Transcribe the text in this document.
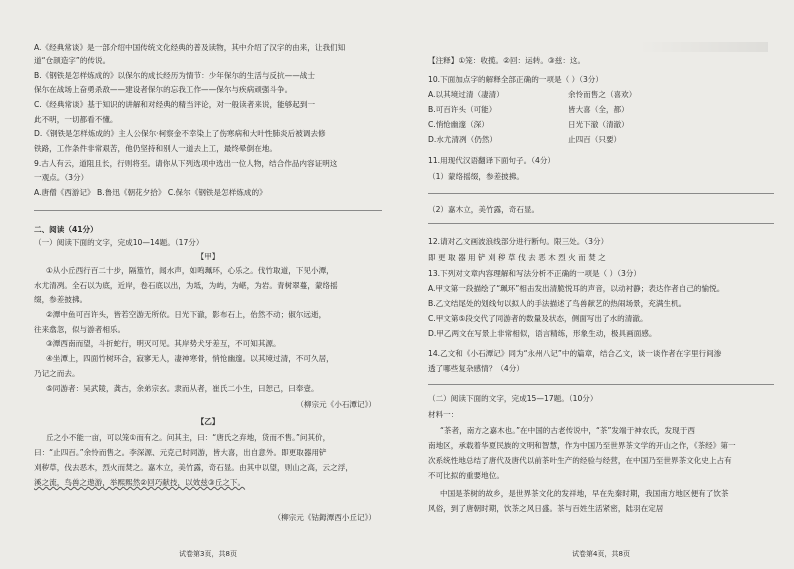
A.《经典常谈》是一部介绍中国传统文化经典的普及读物，其中介绍了汉字的由来，让我们知
道“仓颉造字”的传说。
B.《钢铁是怎样炼成的》以保尔的成长经历为情节：少年保尔的生活与反抗——战士
保尔在战场上奋勇杀敌——建设者保尔的忘我工作——保尔与疾病顽强斗争。
C.《经典常谈》基于知识的讲解和对经典的精当评论，对一般读者来说，能够起到一
此不明，一切都看不懂。
D.《钢铁是怎样炼成的》主人公保尔·柯察金不幸染上了伤寒病和大叶性肺炎后被调去修
铁路，工作条件非常艰苦，他仍坚持和别人一道去上工，最终晕倒在地。
9.古人有云，道阻且长，行则将至。请你从下列选项中选出一位人物，结合作品内容证明这
一观点。（3分）
A.唐僧《西游记》 B.鲁迅《朝花夕拾》 C.保尔《钢铁是怎样炼成的》
二、阅读（41分）
（一）阅读下面的文字，完成10—14题。（17分）
【甲】
①从小丘西行百二十步，隔篁竹，闻水声，如鸣珮环，心乐之。伐竹取道，下见小潭，
水尤清冽。全石以为底，近岸，卷石底以出，为坻，为屿，为嵁，为岩。青树翠蔓，蒙络摇
缀，参差披拂。
②潭中鱼可百许头，皆若空游无所依。日光下澈，影布石上，佁然不动；俶尔远逝，
往来翕忽，似与游者相乐。
③潭西南而望，斗折蛇行，明灭可见。其岸势犬牙差互，不可知其源。
④坐潭上，四面竹树环合，寂寥无人，凄神寒骨，悄怆幽邃。以其境过清，不可久居，
乃记之而去。
⑤同游者：吴武陵，龚古，余弟宗玄。隶而从者，崔氏二小生，曰恕己，曰奉壹。
（柳宗元《小石潭记》）
【乙】
丘之小不能一亩，可以笼①而有之。问其主，曰：“唐氏之弃地，货而不售。”问其价，
曰：“止四百。”余怜而售之。李深源、元克己时同游，皆大喜，出自意外。即更取器用铲
刈秽草，伐去恶木，烈火而焚之。嘉木立，美竹露，奇石显。由其中以望，则山之高，云之浮，
溪之流，鸟兽之遨游，举熙熙然②回巧献技，以效兹③丘之下。
（柳宗元《钴鉧潭西小丘记》）
试卷第3页，共8页
【注释】①笼：收揽。②回：运转。③兹：这。
10.下面加点字的解释全部正确的一项是（ ）（3分）
A.以其境过清（凄清）	余怜而售之（喜欢）
B.可百许头（可能）	皆大喜（全，都）
C.悄怆幽邃（深）	日光下澈（清澈）
D.水尤清冽（仍然）	止四百（只要）
11.用现代汉语翻译下面句子。（4分）
（1）蒙络摇缀，参差披拂。
（2）嘉木立，美竹露，奇石显。
12.请对乙文画波浪线部分进行断句。限三处。（3分）
即 更 取 器 用 铲 刈 秽 草 伐 去 恶 木 烈 火 而 焚 之
13.下列对文章内容理解和写法分析不正确的一项是（ ）（3分）
A.甲文第一段描绘了“珮环”相击发出清脆悦耳的声音，以动衬静；表达作者自己的愉悦。
B.乙文结尾处的划线句以拟人的手法描述了鸟兽献艺的热闹场景，充满生机。
C.甲文第⑤段交代了同游者的数量及状态，侧面写出了水的清澈。
D.甲乙两文在写景上非常相似，语言精练，形象生动，极具画面感。
14.乙文和《小石潭记》同为“永州八记”中的篇章，结合乙文，谈一谈作者在字里行间渗
透了哪些复杂感情？（4分）
（二）阅读下面的文字，完成15—17题。（10分）
材料一：
“茶者，南方之嘉木也。”在中国的古老传说中，“茶”发端于神农氏，发现于西
南地区，承载着华夏民族的文明和智慧，作为中国乃至世界茶文学的开山之作，《茶经》第一
次系统性地总结了唐代及唐代以前茶叶生产的经验与经营，在中国乃至世界茶文化史上占有
不可比拟的重要地位。
中国是茶树的故乡，是世界茶文化的发祥地，早在先秦时期，我国南方地区便有了饮茶
风俗，到了唐朝时期，饮茶之风日盛。茶与百姓生活紧密，陆羽在定居
试卷第4页，共8页
